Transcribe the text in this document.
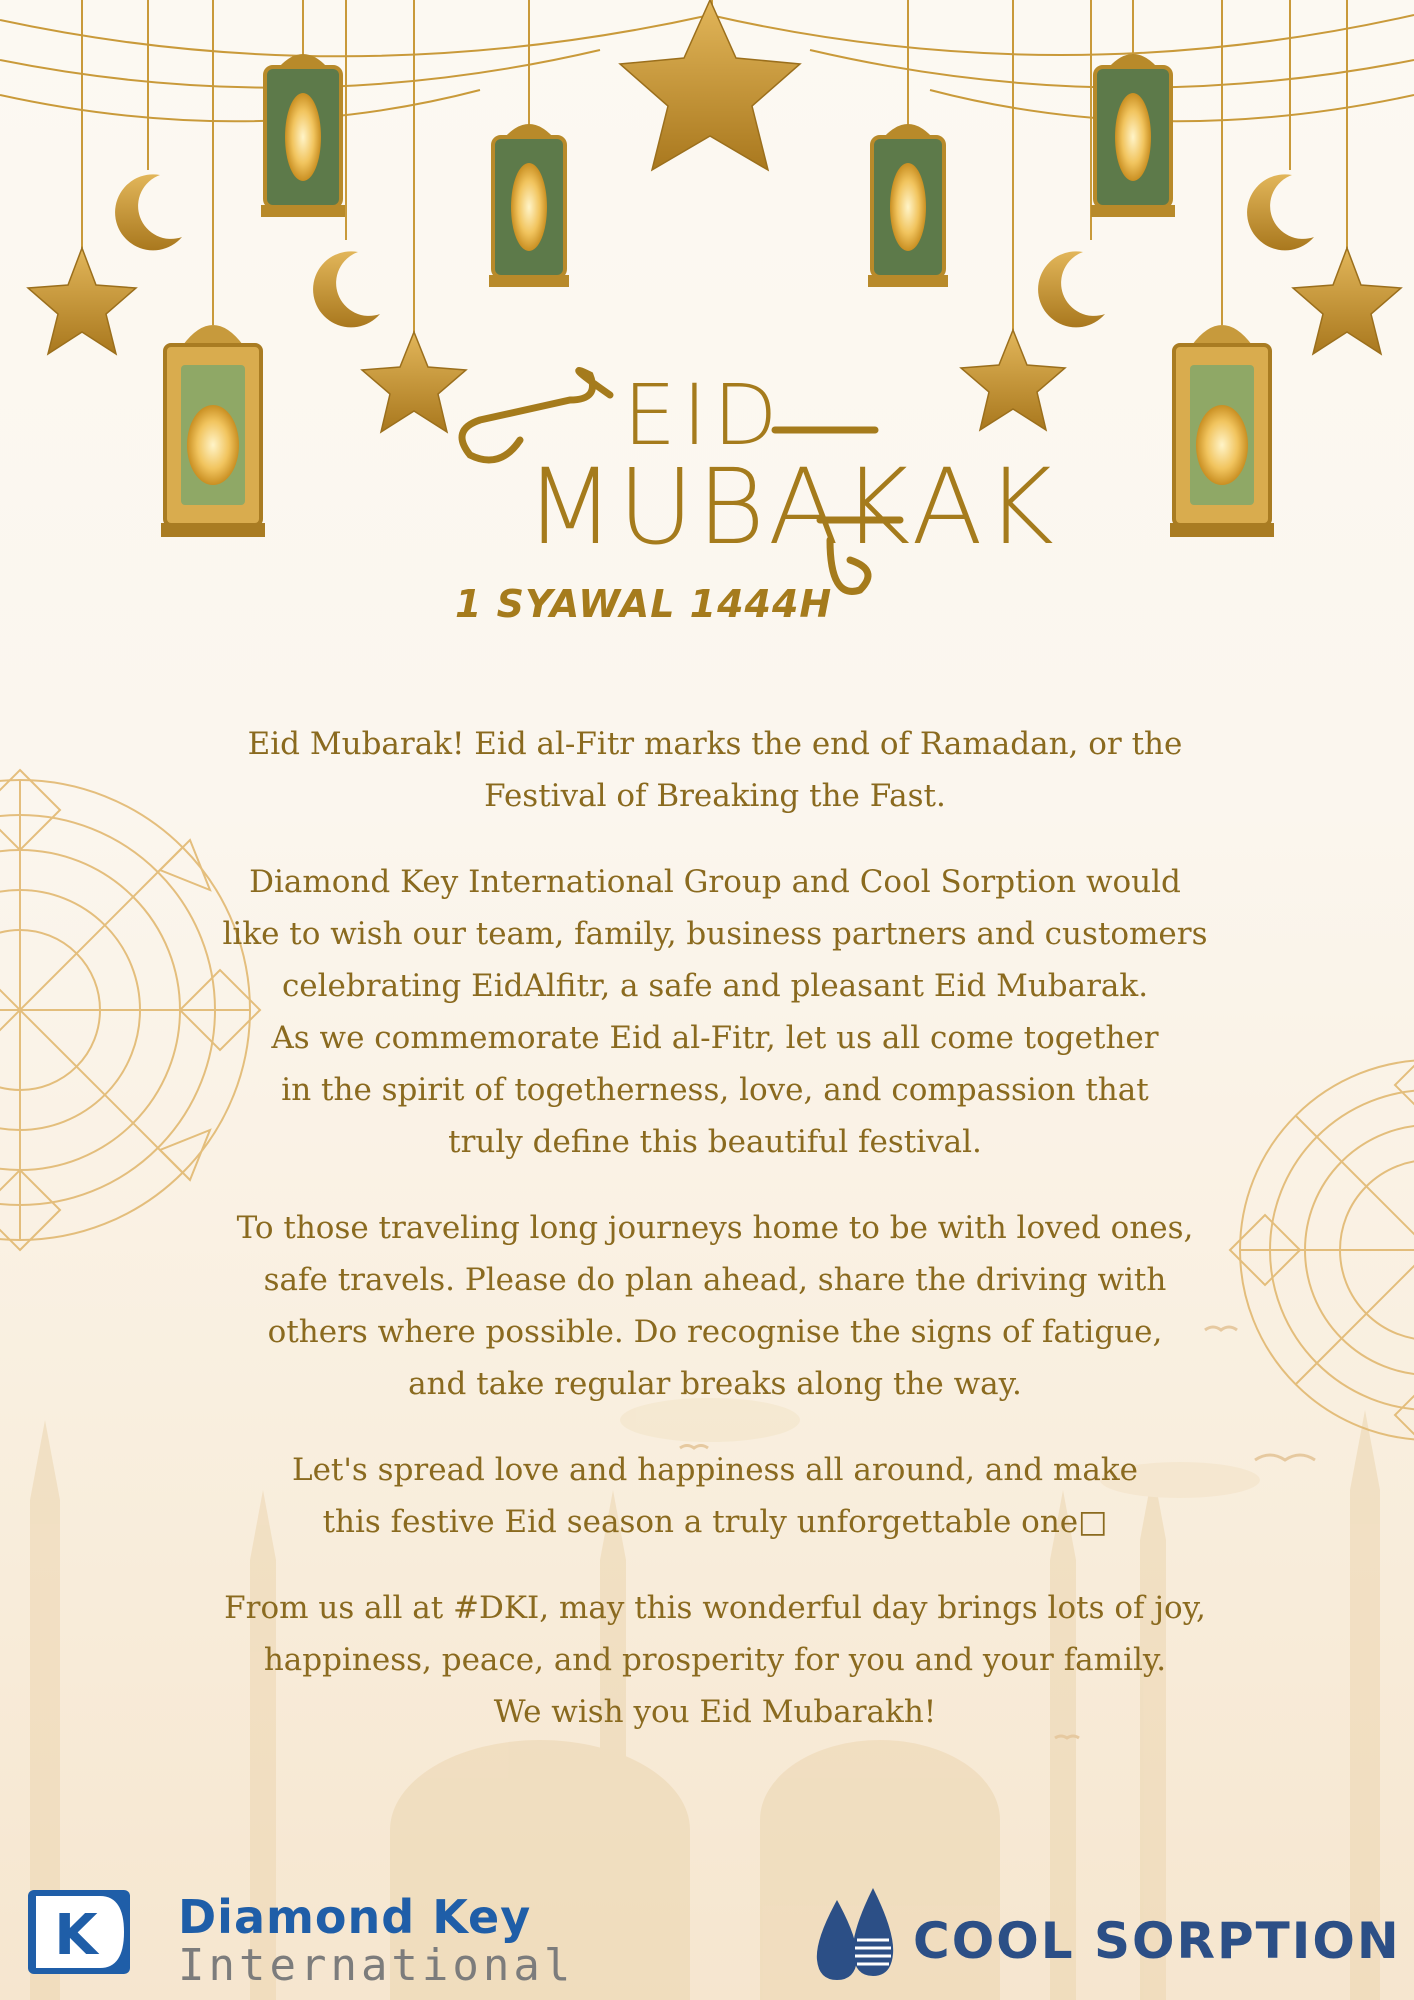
EID
MUBAKAK
1 SYAWAL 1444H

Eid Mubarak! Eid al-Fitr marks the end of Ramadan, or the
Festival of Breaking the Fast.

Diamond Key International Group and Cool Sorption would
like to wish our team, family, business partners and customers
celebrating EidAlfitr, a safe and pleasant Eid Mubarak.
As we commemorate Eid al-Fitr, let us all come together
in the spirit of togetherness, love, and compassion that
truly define this beautiful festival.

To those traveling long journeys home to be with loved ones,
safe travels. Please do plan ahead, share the driving with
others where possible. Do recognise the signs of fatigue,
and take regular breaks along the way.

Let's spread love and happiness all around, and make
this festive Eid season a truly unforgettable one□

From us all at #DKI, may this wonderful day brings lots of joy,
happiness, peace, and prosperity for you and your family.
We wish you Eid Mubarakh!

K Diamond Key
International	COOL SORPTION
